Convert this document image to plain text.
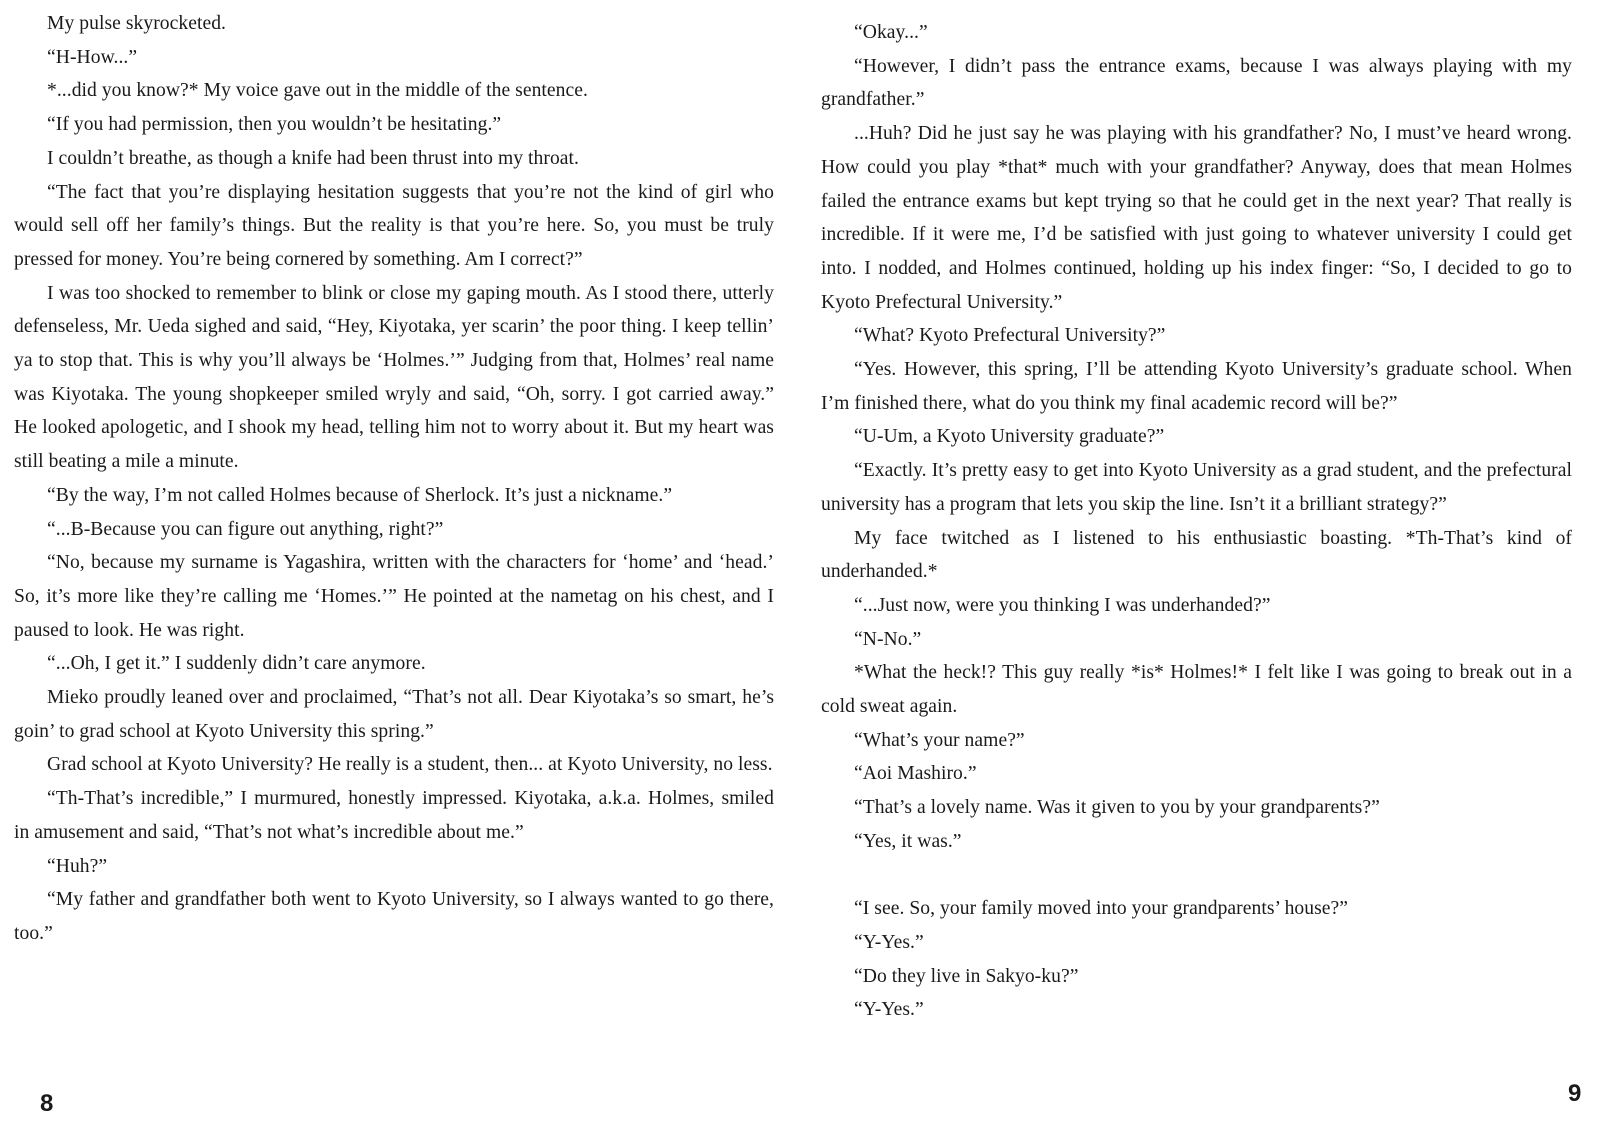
My pulse skyrocketed.

“H-How...”

*...did you know?* My voice gave out in the middle of the sentence.

“If you had permission, then you wouldn’t be hesitating.”

I couldn’t breathe, as though a knife had been thrust into my throat.

“The fact that you’re displaying hesitation suggests that you’re not the kind of girl who would sell off her family’s things. But the reality is that you’re here. So, you must be truly pressed for money. You’re being cornered by something. Am I correct?”

I was too shocked to remember to blink or close my gaping mouth. As I stood there, utterly defenseless, Mr. Ueda sighed and said, “Hey, Kiyotaka, yer scarin’ the poor thing. I keep tellin’ ya to stop that. This is why you’ll always be ‘Holmes.’” Judging from that, Holmes’ real name was Kiyotaka. The young shopkeeper smiled wryly and said, “Oh, sorry. I got carried away.” He looked apologetic, and I shook my head, telling him not to worry about it. But my heart was still beating a mile a minute.

“By the way, I’m not called Holmes because of Sherlock. It’s just a nickname.”

“...B-Because you can figure out anything, right?”

“No, because my surname is Yagashira, written with the characters for ‘home’ and ‘head.’ So, it’s more like they’re calling me ‘Homes.’” He pointed at the nametag on his chest, and I paused to look. He was right.

“...Oh, I get it.” I suddenly didn’t care anymore.

Mieko proudly leaned over and proclaimed, “That’s not all. Dear Kiyotaka’s so smart, he’s goin’ to grad school at Kyoto University this spring.”

Grad school at Kyoto University? He really is a student, then... at Kyoto University, no less.

“Th-That’s incredible,” I murmured, honestly impressed. Kiyotaka, a.k.a. Holmes, smiled in amusement and said, “That’s not what’s incredible about me.”

“Huh?”

“My father and grandfather both went to Kyoto University, so I always wanted to go there, too.”

8

“Okay...”

“However, I didn’t pass the entrance exams, because I was always playing with my grandfather.”

...Huh? Did he just say he was playing with his grandfather? No, I must’ve heard wrong. How could you play *that* much with your grandfather? Anyway, does that mean Holmes failed the entrance exams but kept trying so that he could get in the next year? That really is incredible. If it were me, I’d be satisfied with just going to whatever university I could get into. I nodded, and Holmes continued, holding up his index finger: “So, I decided to go to Kyoto Prefectural University.”

“What? Kyoto Prefectural University?”

“Yes. However, this spring, I’ll be attending Kyoto University’s graduate school. When I’m finished there, what do you think my final academic record will be?”

“U-Um, a Kyoto University graduate?”

“Exactly. It’s pretty easy to get into Kyoto University as a grad student, and the prefectural university has a program that lets you skip the line. Isn’t it a brilliant strategy?”

My face twitched as I listened to his enthusiastic boasting. *Th-That’s kind of underhanded.*

“...Just now, were you thinking I was underhanded?”

“N-No.”

*What the heck!? This guy really *is* Holmes!* I felt like I was going to break out in a cold sweat again.

“What’s your name?”

“Aoi Mashiro.”

“That’s a lovely name. Was it given to you by your grandparents?”

“Yes, it was.”

“I see. So, your family moved into your grandparents’ house?”

“Y-Yes.”

“Do they live in Sakyo-ku?”

“Y-Yes.”

9
